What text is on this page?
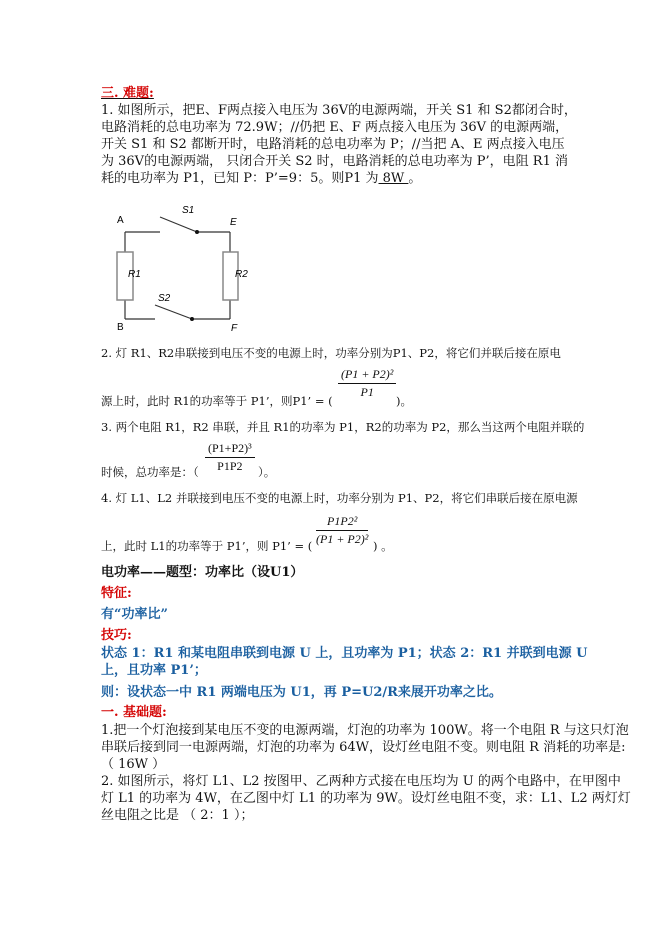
三. 难题:
1. 如图所示，把E、F两点接入电压为 36V的电源两端，开关 S1 和 S2都闭合时，
电路消耗的总电功率为 72.9W；//仍把 E、F 两点接入电压为 36V 的电源两端，
开关 S1 和 S2 都断开时，电路消耗的总电功率为 P；//当把 A、E 两点接入电压
为 36V的电源两端， 只闭合开关 S2 时，电路消耗的总电功率为 P’，电阻 R1 消
耗的电功率为 P1，已知 P：P’=9：5。则P1 为 8W 。
A	E
B	F
S1
S2
R1	R2
2. 灯 R1、R2串联接到电压不变的电源上时，功率分别为P1、P2，将它们并联后接在原电
$\frac{\text{(P1 + P2)²}}{P1}$
源上时，此时 R1的功率等于 P1’，则P1’ = (	)。
3. 两个电阻 R1，R2 串联，并且 R1的功率为 P1，R2的功率为 P2，那么当这两个电阻并联的
$\frac{\text{(P1+P2)³}}{P1P2}$
时候，总功率是：（	）。
4. 灯 L1、L2 并联接到电压不变的电源上时，功率分别为 P1、P2，将它们串联后接在原电源
$\frac{\text{P1P2²}}{\text{(P1 + P2)²}}$
上，此时 L1的功率等于 P1’，则 P1’ = (	) 。
电功率——题型：功率比（设U1）
特征:
有“功率比”
技巧:
状态 1：R1 和某电阻串联到电源 U 上，且功率为 P1；状态 2：R1 并联到电源 U
上，且功率 P1’；
则：设状态一中 R1 两端电压为 U1，再 P=U2/R来展开功率之比。
一. 基础题:
1.把一个灯泡接到某电压不变的电源两端，灯泡的功率为 100W。将一个电阻 R 与这只灯泡
串联后接到同一电源两端，灯泡的功率为 64W，设灯丝电阻不变。则电阻 R 消耗的功率是:
（ 16W ）
2. 如图所示，将灯 L1、L2 按图甲、乙两种方式接在电压均为 U 的两个电路中，在甲图中
灯 L1 的功率为 4W，在乙图中灯 L1 的功率为 9W。设灯丝电阻不变，求：L1、L2 两灯灯
丝电阻之比是 （ 2：1 ）；
